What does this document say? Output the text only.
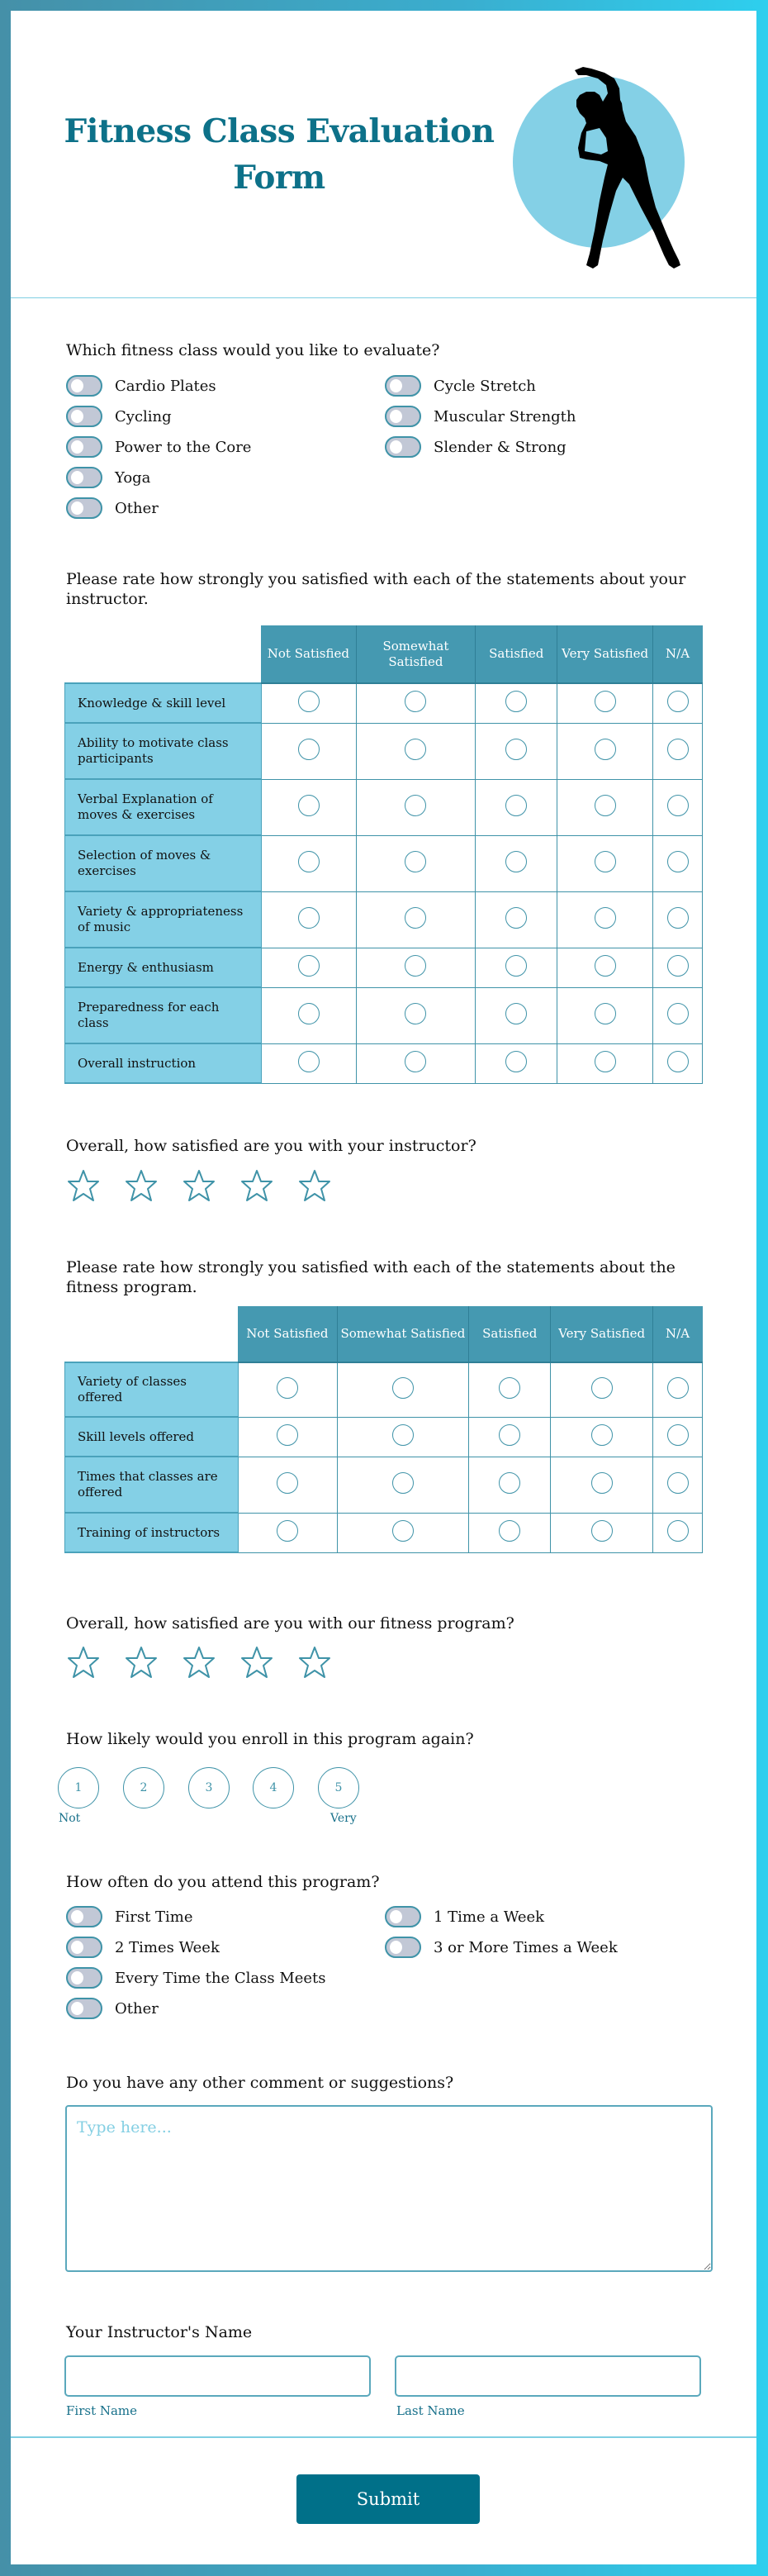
Fitness Class Evaluation Form
Which fitness class would you like to evaluate?
Cardio Plates
Cycling
Power to the Core
Yoga
Other
Cycle Stretch
Muscular Strength
Slender & Strong
Please rate how strongly you satisfied with each of the statements about your instructor.
	Not Satisfied	Somewhat Satisfied	Satisfied	Very Satisfied	N/A
Knowledge & skill level					
Ability to motivate class participants					
Verbal Explanation of moves & exercises					
Selection of moves & exercises					
Variety & appropriateness of music					
Energy & enthusiasm					
Preparedness for each class					
Overall instruction					
Overall, how satisfied are you with your instructor?
Please rate how strongly you satisfied with each of the statements about the fitness program.
	Not Satisfied	Somewhat Satisfied	Satisfied	Very Satisfied	N/A
Variety of classes offered					
Skill levels offered					
Times that classes are offered					
Training of instructors					
Overall, how satisfied are you with our fitness program?
How likely would you enroll in this program again?
1	2	3	4	5
Not	Very
How often do you attend this program?
First Time
2 Times Week
Every Time the Class Meets
Other
1 Time a Week
3 or More Times a Week
Do you have any other comment or suggestions?
Type here...
Your Instructor's Name
First Name	Last Name
Submit
